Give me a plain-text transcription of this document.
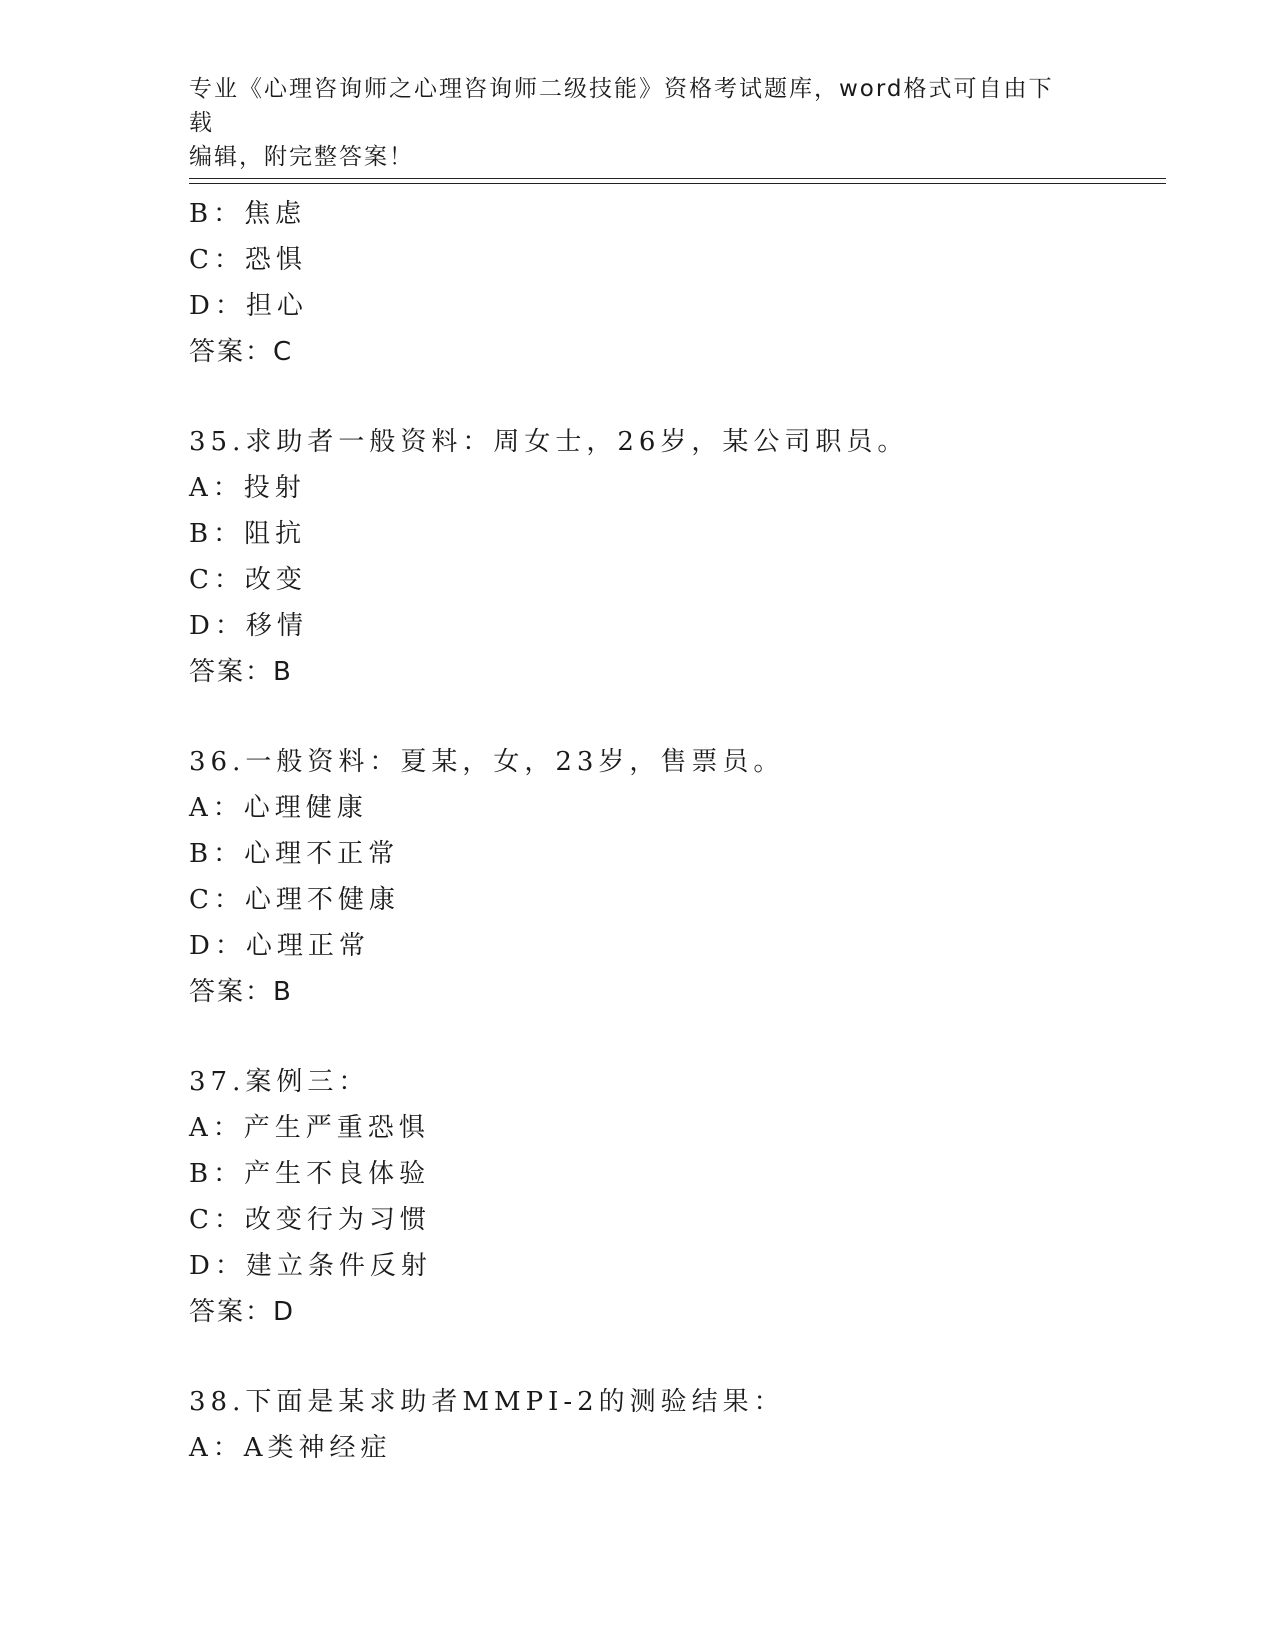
专业《心理咨询师之心理咨询师二级技能》资格考试题库，word格式可自由下载
编辑，附完整答案！
B：焦虑
C：恐惧
D：担心
答案：C
35.求助者一般资料：周女士，26岁，某公司职员。
A：投射
B：阻抗
C：改变
D：移情
答案：B
36.一般资料：夏某，女，23岁，售票员。
A：心理健康
B：心理不正常
C：心理不健康
D：心理正常
答案：B
37.案例三：
A：产生严重恐惧
B：产生不良体验
C：改变行为习惯
D：建立条件反射
答案：D
38.下面是某求助者MMPI-2的测验结果：
A：A类神经症
